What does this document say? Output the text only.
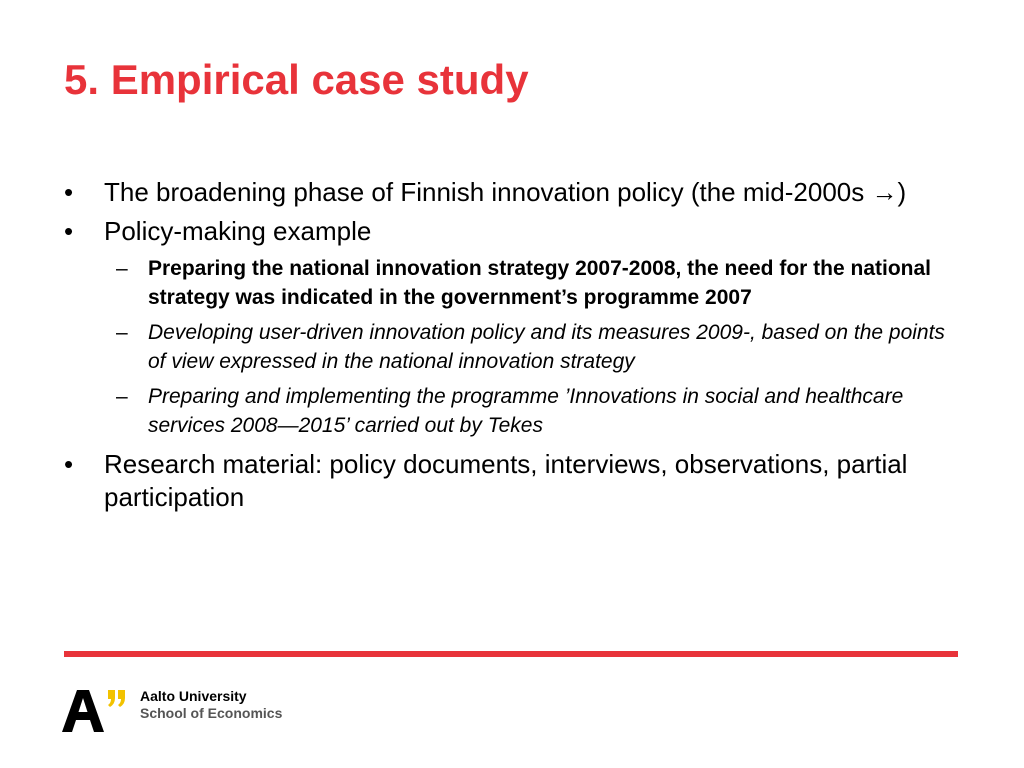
5. Empirical case study
• The broadening phase of Finnish innovation policy (the mid-2000s →)
• Policy-making example
– Preparing the national innovation strategy 2007-2008, the need for the national strategy was indicated in the government’s programme 2007
– Developing user-driven innovation policy and its measures 2009-, based on the points of view expressed in the national innovation strategy
– Preparing and implementing the programme ’Innovations in social and healthcare services 2008—2015’ carried out by Tekes
• Research material: policy documents, interviews, observations, partial participation
Aalto University
School of Economics
